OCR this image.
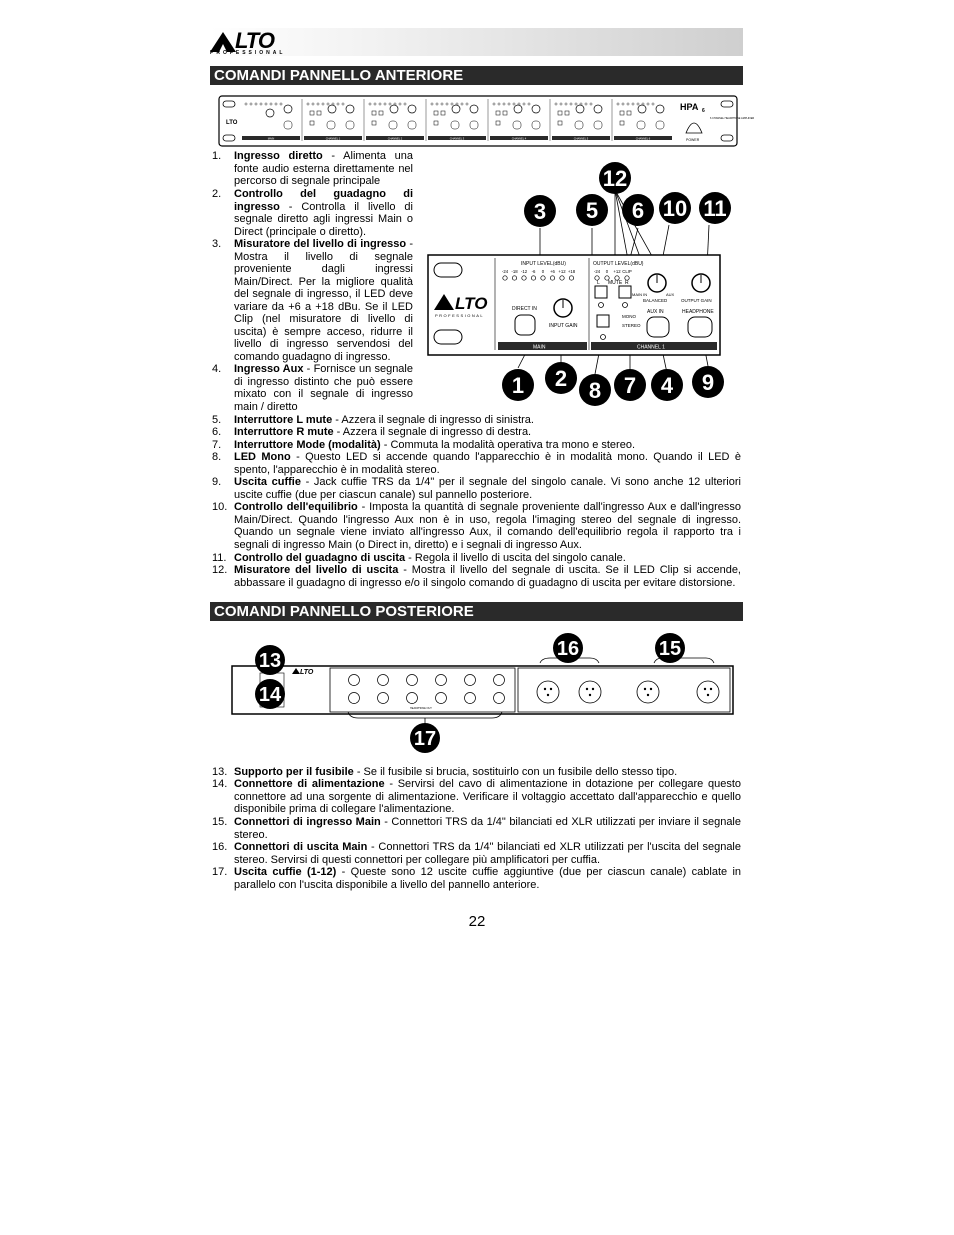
LTO
PROFESSIONAL
COMANDI PANNELLO ANTERIORE
LTO
MAIN	CHANNEL 1	CHANNEL 2	CHANNEL 3	CHANNEL 4	CHANNEL 5	CHANNEL 6
HPA 6
POWER
6 CHANNEL HEADPHONE AMPLIFIER
LTO
PROFESSIONAL
INPUT LEVEL(dBU)
-24 -18 -12 -6 0 +6 +12 +18
OUTPUT LEVEL(dBU)
-24 0 +12 CLIP
DIRECT IN
INPUT GAIN
L MUTE R
MAIN IN	AUX
BALANCED	OUTPUT GAIN
MONO
STEREO
AUX IN	HEADPHONE
MAIN	CHANNEL 1
12
3 5 6 10 11
1 2 8 7 4 9
1. Ingresso diretto - Alimenta una fonte audio esterna direttamente nel percorso di segnale principale
2. Controllo del guadagno di ingresso - Controlla il livello di segnale diretto agli ingressi Main o Direct (principale o diretto).
3. Misuratore del livello di ingresso - Mostra il livello di segnale proveniente dagli ingressi Main/Direct. Per la migliore qualità del segnale di ingresso, il LED deve variare da +6 a +18 dBu. Se il LED Clip (nel misuratore di livello di uscita) è sempre acceso, ridurre il livello di ingresso servendosi del comando guadagno di ingresso.
4. Ingresso Aux - Fornisce un segnale di ingresso distinto che può essere mixato con il segnale di ingresso main / diretto
5. Interruttore L mute - Azzera il segnale di ingresso di sinistra.
6. Interruttore R mute - Azzera il segnale di ingresso di destra.
7. Interruttore Mode (modalità) - Commuta la modalità operativa tra mono e stereo.
8. LED Mono - Questo LED si accende quando l'apparecchio è in modalità mono. Quando il LED è spento, l'apparecchio è in modalità stereo.
9. Uscita cuffie - Jack cuffie TRS da 1/4" per il segnale del singolo canale. Vi sono anche 12 ulteriori uscite cuffie (due per ciascun canale) sul pannello posteriore.
10. Controllo dell'equilibrio - Imposta la quantità di segnale proveniente dall'ingresso Aux e dall'ingresso Main/Direct. Quando l'ingresso Aux non è in uso, regola l'imaging stereo del segnale di ingresso. Quando un segnale viene inviato all'ingresso Aux, il comando dell'equilibrio regola il rapporto tra i segnali di ingresso Main (o Direct in, diretto) e i segnali di ingresso Aux.
11. Controllo del guadagno di uscita - Regola il livello di uscita del singolo canale.
12. Misuratore del livello di uscita - Mostra il livello del segnale di uscita. Se il LED Clip si accende, abbassare il guadagno di ingresso e/o il singolo comando di guadagno di uscita per evitare distorsione.
COMANDI PANNELLO POSTERIORE
LTO
HEADPHONE OUT
13
14
16	15
17
13. Supporto per il fusibile - Se il fusibile si brucia, sostituirlo con un fusibile dello stesso tipo.
14. Connettore di alimentazione - Servirsi del cavo di alimentazione in dotazione per collegare questo connettore ad una sorgente di alimentazione. Verificare il voltaggio accettato dall'apparecchio e quello disponibile prima di collegare l'alimentazione.
15. Connettori di ingresso Main - Connettori TRS da 1/4" bilanciati ed XLR utilizzati per inviare il segnale stereo.
16. Connettori di uscita Main - Connettori TRS da 1/4" bilanciati ed XLR utilizzati per l'uscita del segnale stereo. Servirsi di questi connettori per collegare più amplificatori per cuffia.
17. Uscita cuffie (1-12) - Queste sono 12 uscite cuffie aggiuntive (due per ciascun canale) cablate in parallelo con l'uscita disponibile a livello del pannello anteriore.
22
